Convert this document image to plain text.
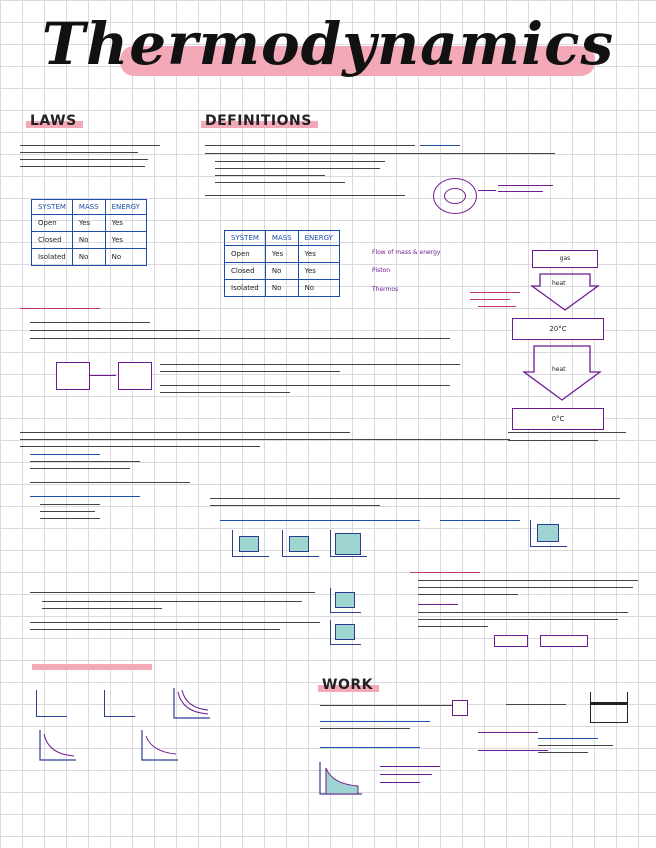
Thermodynamics
LAWS	DEFINITIONS
WORK
SYSTEM	MASS	ENERGY
Open	Yes	Yes
Closed	No	Yes
Isolated	No	No
SYSTEM	MASS	ENERGY
Open	Yes	Yes
Closed	No	Yes
Isolated	No	No
Flow of mass & energy
Piston
Thermos
gas
heat
20°C
heat
0°C
